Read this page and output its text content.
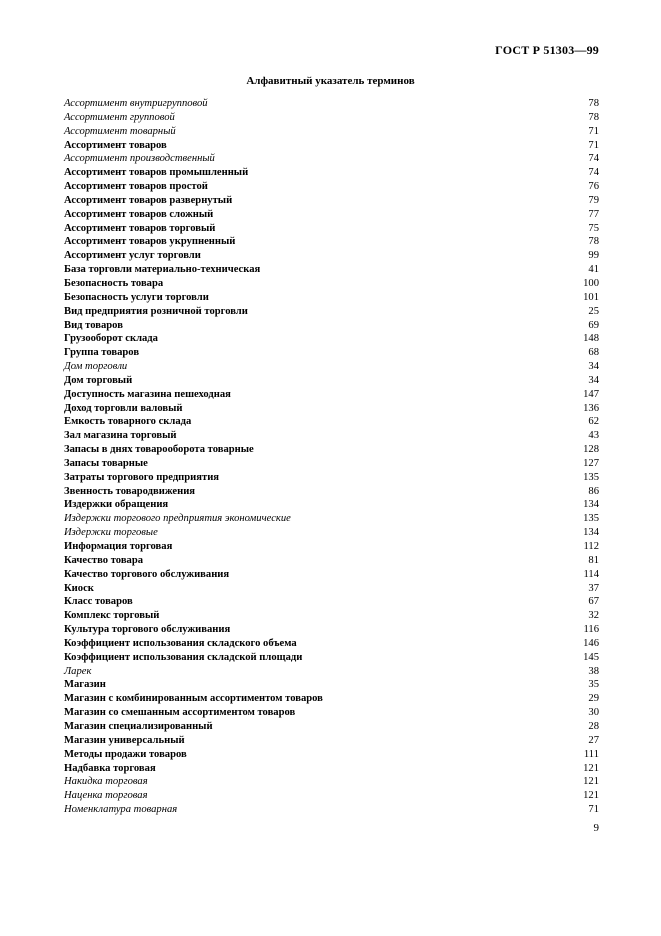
ГОСТ Р 51303—99
Алфавитный указатель терминов
Ассортимент внутригрупповой	78
Ассортимент групповой	78
Ассортимент товарный	71
Ассортимент товаров	71
Ассортимент производственный	74
Ассортимент товаров промышленный	74
Ассортимент товаров простой	76
Ассортимент товаров развернутый	79
Ассортимент товаров сложный	77
Ассортимент товаров торговый	75
Ассортимент товаров укрупненный	78
Ассортимент услуг торговли	99
База торговли материально-техническая	41
Безопасность товара	100
Безопасность услуги торговли	101
Вид предприятия розничной торговли	25
Вид товаров	69
Грузооборот склада	148
Группа товаров	68
Дом торговли	34
Дом торговый	34
Доступность магазина пешеходная	147
Доход торговли валовый	136
Емкость товарного склада	62
Зал магазина торговый	43
Запасы в днях товарооборота товарные	128
Запасы товарные	127
Затраты торгового предприятия	135
Звенность товародвижения	86
Издержки обращения	134
Издержки торгового предприятия экономические	135
Издержки торговые	134
Информация торговая	112
Качество товара	81
Качество торгового обслуживания	114
Киоск	37
Класс товаров	67
Комплекс торговый	32
Культура торгового обслуживания	116
Коэффициент использования складского объема	146
Коэффициент использования складской площади	145
Ларек	38
Магазин	35
Магазин с комбинированным ассортиментом товаров	29
Магазин со смешанным ассортиментом товаров	30
Магазин специализированный	28
Магазин универсальный	27
Методы продажи товаров	111
Надбавка торговая	121
Накидка торговая	121
Наценка торговая	121
Номенклатура товарная	71
9
